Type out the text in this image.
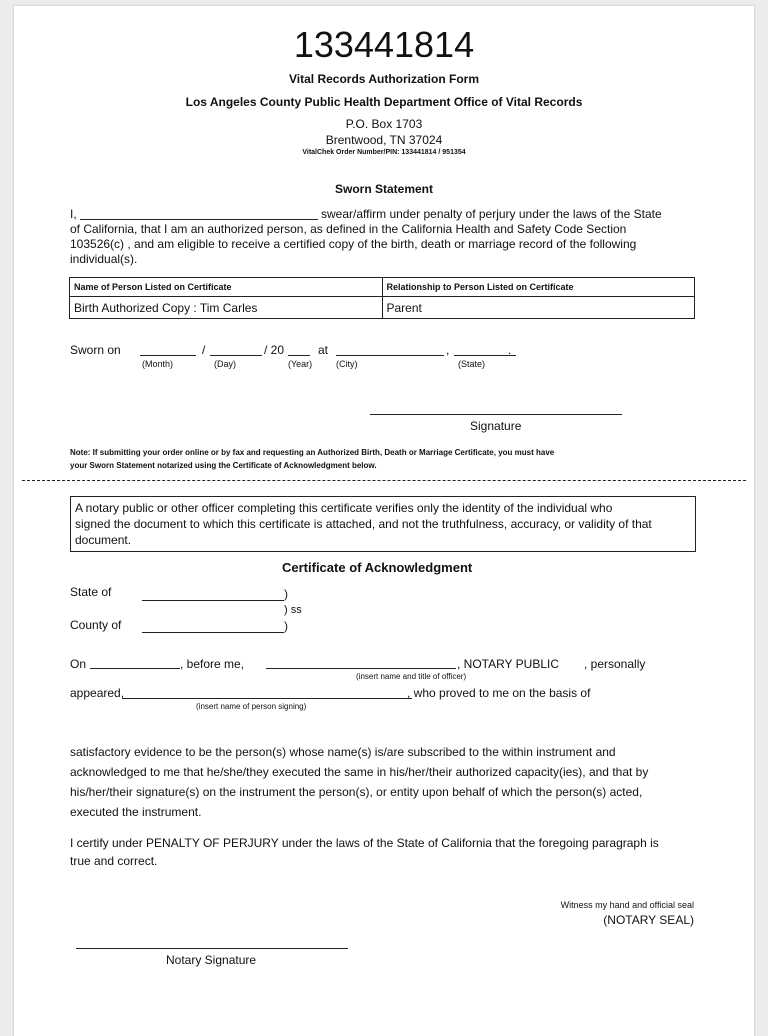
133441814
Vital Records Authorization Form
Los Angeles County Public Health Department Office of Vital Records
P.O. Box 1703
Brentwood, TN 37024
VitalChek Order Number/PIN: 133441814 / 951354
Sworn Statement
I,	swear/affirm under penalty of perjury under the laws of the State
of California, that I am an authorized person, as defined in the California Health and Safety Code Section
103526(c) , and am eligible to receive a certified copy of the birth, death or marriage record of the following
individual(s).
Name of Person Listed on Certificate	Relationship to Person Listed on Certificate
Birth Authorized Copy : Tim Carles	Parent
Sworn on	/	/ 20	at	,	.
(Month)	(Day)	(Year)	(City)	(State)
Signature
Note: If submitting your order online or by fax and requesting an Authorized Birth, Death or Marriage Certificate, you must have
your Sworn Statement notarized using the Certificate of Acknowledgment below.
A notary public or other officer completing this certificate verifies only the identity of the individual who
signed the document to which this certificate is attached, and not the truthfulness, accuracy, or validity of that
document.
Certificate of Acknowledgment
State of	)
) ss
County of	)
On	, before me,	, NOTARY PUBLIC , personally
(insert name and title of officer)
appeared,	, who proved to me on the basis of
(insert name of person signing)
satisfactory evidence to be the person(s) whose name(s) is/are subscribed to the within instrument and
acknowledged to me that he/she/they executed the same in his/her/their authorized capacity(ies), and that by
his/her/their signature(s) on the instrument the person(s), or entity upon behalf of which the person(s) acted,
executed the instrument.
I certify under PENALTY OF PERJURY under the laws of the State of California that the foregoing paragraph is
true and correct.
Witness my hand and official seal
(NOTARY SEAL)
Notary Signature
